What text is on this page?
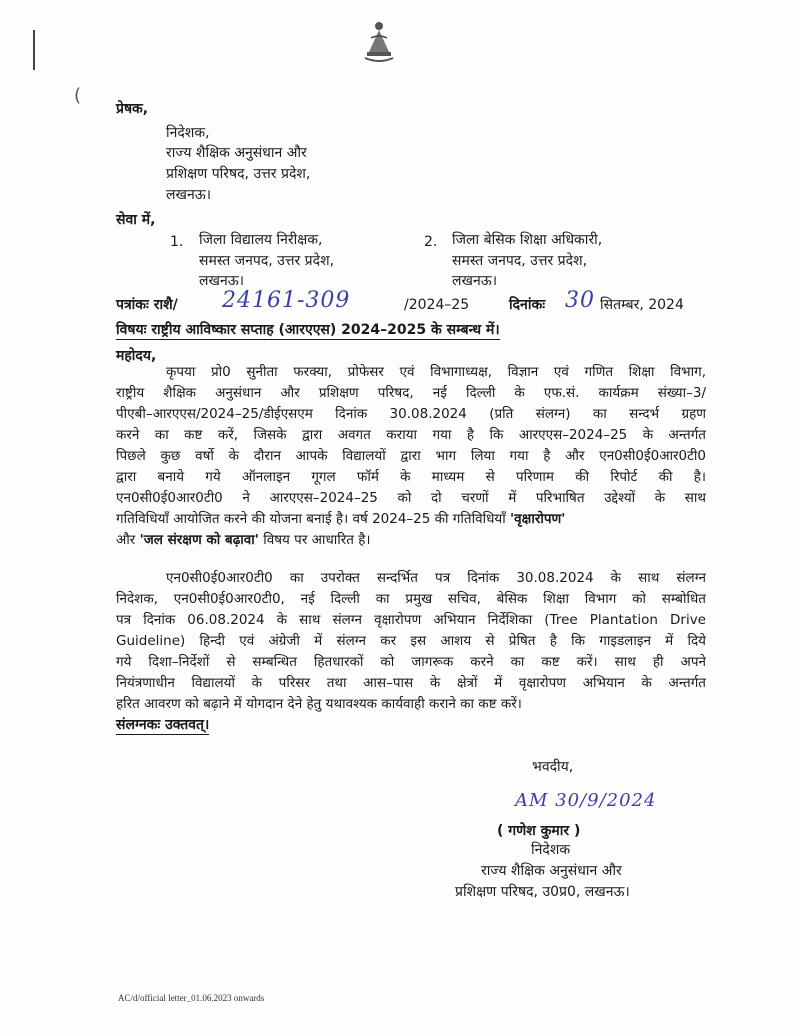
(
प्रेषक,
निदेशक,
राज्य शैक्षिक अनुसंधान और
प्रशिक्षण परिषद, उत्तर प्रदेश,
लखनऊ।
सेवा में,
1. जिला विद्यालय निरीक्षक,
समस्त जनपद, उत्तर प्रदेश,
लखनऊ।
2. जिला बेसिक शिक्षा अधिकारी,
समस्त जनपद, उत्तर प्रदेश,
लखनऊ।
पत्रांकः राशै/ 24161-309	/2024–25	दिनांकः 30 सितम्बर, 2024
विषयः राष्ट्रीय आविष्कार सप्ताह (आरएएस) 2024–2025 के सम्बन्ध में।
महोदय,
कृपया प्रो0 सुनीता फरक्या, प्रोफेसर एवं विभागाध्यक्ष, विज्ञान एवं गणित शिक्षा विभाग,
राष्ट्रीय शैक्षिक अनुसंधान और प्रशिक्षण परिषद, नई दिल्ली के एफ.सं. कार्यक्रम संख्या–3/
पीएबी–आरएएस/2024–25/डीईएसएम दिनांक 30.08.2024 (प्रति संलग्न) का सन्दर्भ ग्रहण
करने का कष्ट करें, जिसके द्वारा अवगत कराया गया है कि आरएएस–2024–25 के अन्तर्गत
पिछले कुछ वर्षो के दौरान आपके विद्यालयों द्वारा भाग लिया गया है और एन0सी0ई0आर0टी0
द्वारा बनाये गये ऑनलाइन गूगल फॉर्म के माध्यम से परिणाम की रिपोर्ट की है।
एन0सी0ई0आर0टी0 ने आरएएस–2024–25 को दो चरणों में परिभाषित उद्देश्यों के साथ
गतिविधियाँ आयोजित करने की योजना बनाई है। वर्ष 2024–25 की गतिविधियाँ 'वृक्षारोपण'
और 'जल संरक्षण को बढ़ावा' विषय पर आधारित है।
एन0सी0ई0आर0टी0 का उपरोक्त सन्दर्भित पत्र दिनांक 30.08.2024 के साथ संलग्न
निदेशक, एन0सी0ई0आर0टी0, नई दिल्ली का प्रमुख सचिव, बेसिक शिक्षा विभाग को सम्बोधित
पत्र दिनांक 06.08.2024 के साथ संलग्न वृक्षारोपण अभियान निर्देशिका (Tree Plantation Drive
Guideline) हिन्दी एवं अंग्रेजी में संलग्न कर इस आशय से प्रेषित है कि गाइडलाइन में दिये
गये दिशा–निर्देशों से सम्बन्धित हितधारकों को जागरूक करने का कष्ट करें। साथ ही अपने
नियंत्रणाधीन विद्यालयों के परिसर तथा आस–पास के क्षेत्रों में वृक्षारोपण अभियान के अन्तर्गत
हरित आवरण को बढ़ाने में योगदान देने हेतु यथावश्यक कार्यवाही कराने का कष्ट करें।
संलग्नकः उक्तवत्।
भवदीय,
AM 30/9/2024
( गणेश कुमार )
निदेशक
राज्य शैक्षिक अनुसंधान और
प्रशिक्षण परिषद, उ0प्र0, लखनऊ।
AC/d/official letter_01.06.2023 onwards
